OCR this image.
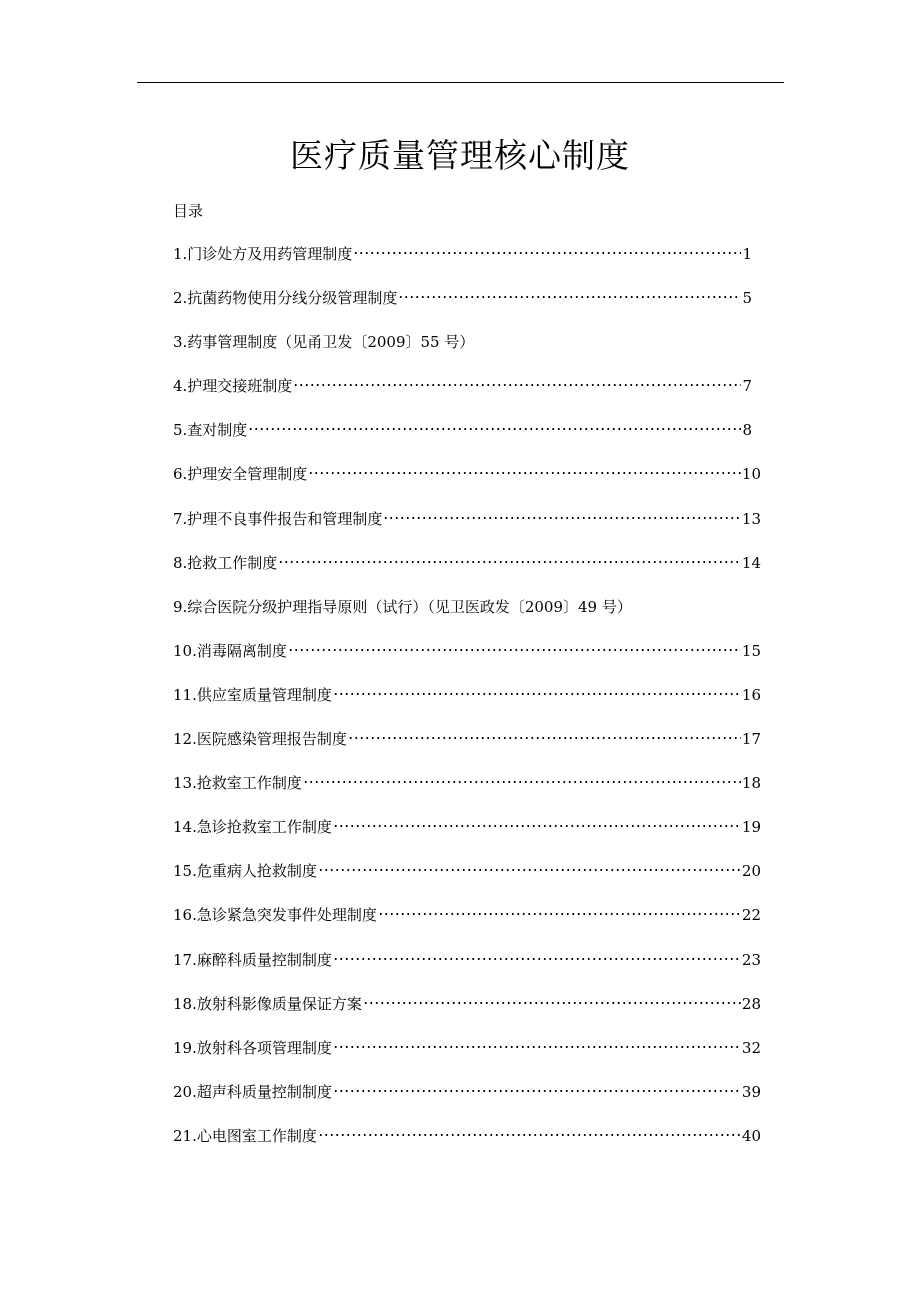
医疗质量管理核心制度
目录
1.门诊处方及用药管理制度	1
2.抗菌药物使用分线分级管理制度	5
3.药事管理制度（见甬卫发〔2009〕55 号）
4.护理交接班制度	7
5.查对制度	8
6.护理安全管理制度	10
7.护理不良事件报告和管理制度	13
8.抢救工作制度	14
9.综合医院分级护理指导原则（试行）（见卫医政发〔2009〕49 号）
10.消毒隔离制度	15
11.供应室质量管理制度	16
12.医院感染管理报告制度	17
13.抢救室工作制度	18
14.急诊抢救室工作制度	19
15.危重病人抢救制度	20
16.急诊紧急突发事件处理制度	22
17.麻醉科质量控制制度	23
18.放射科影像质量保证方案	28
19.放射科各项管理制度	32
20.超声科质量控制制度	39
21.心电图室工作制度	40
